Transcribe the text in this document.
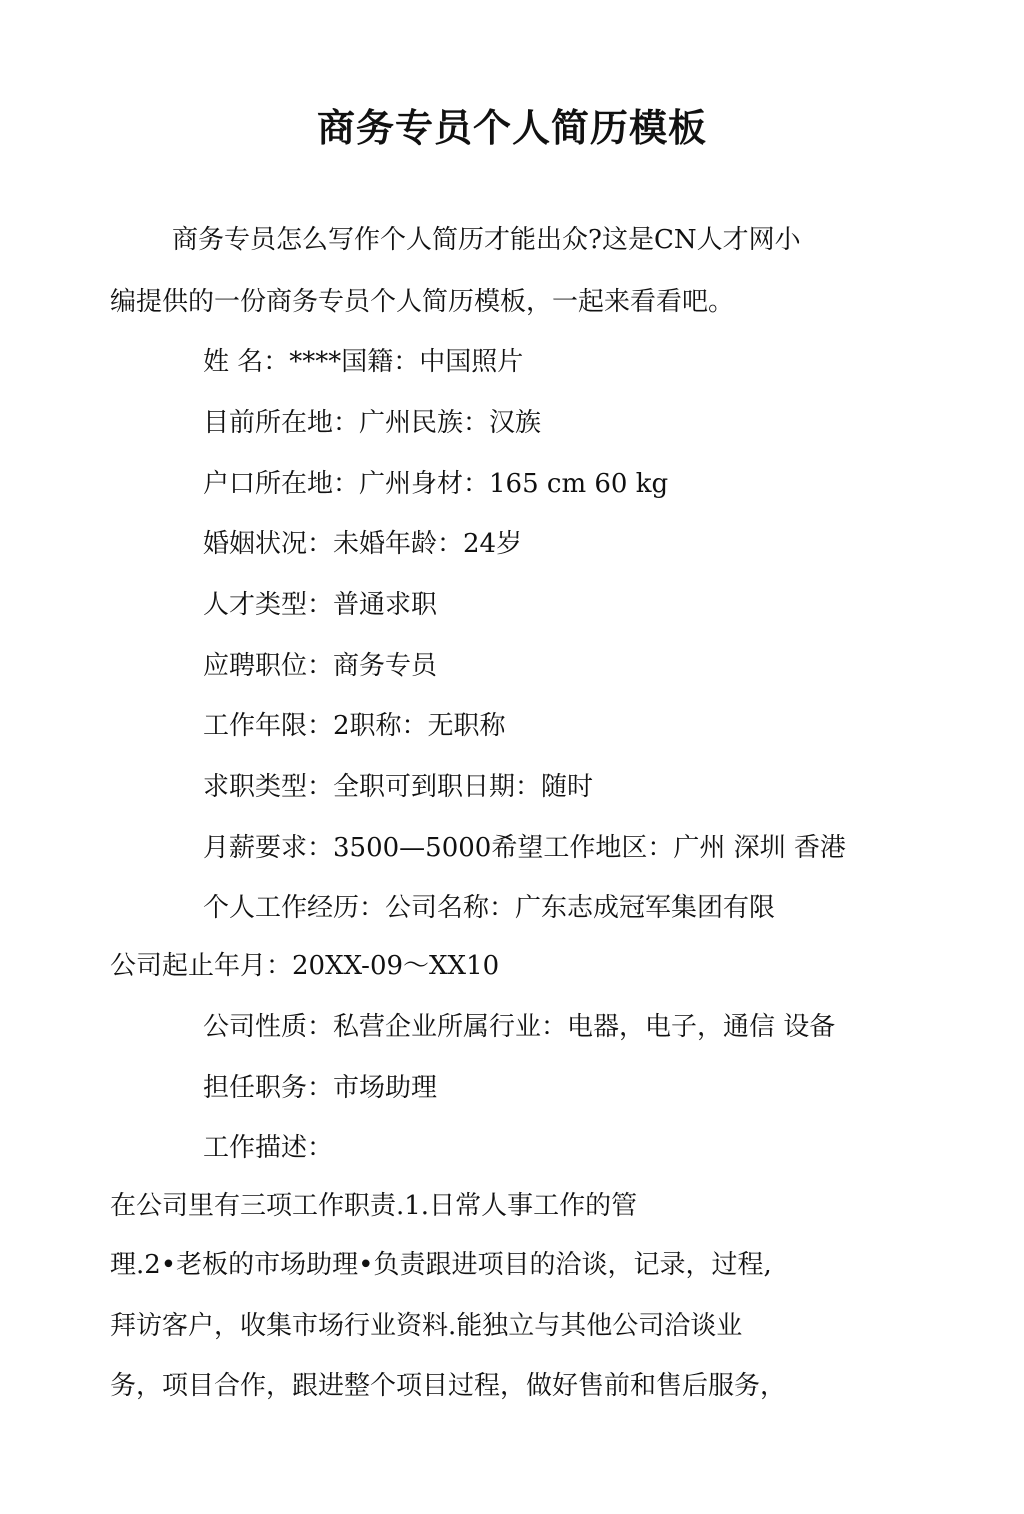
商务专员个人简历模板
商务专员怎么写作个人简历才能出众?这是CN人才网小
编提供的一份商务专员个人简历模板，一起来看看吧。
姓 名：****国籍：中国照片
目前所在地：广州民族：汉族
户口所在地：广州身材：165 cm 60 kg
婚姻状况：未婚年龄：24岁
人才类型：普通求职
应聘职位：商务专员
工作年限：2职称：无职称
求职类型：全职可到职日期：随时
月薪要求：3500—5000希望工作地区：广州 深圳 香港
个人工作经历：公司名称：广东志成冠军集团有限
公司起止年月：20XX-09～XX10
公司性质：私营企业所属行业：电器，电子，通信 设备
担任职务：市场助理
工作描述：
在公司里有三项工作职责.1.日常人事工作的管
理.2•老板的市场助理•负责跟进项目的洽谈，记录，过程,
拜访客户，收集市场行业资料.能独立与其他公司洽谈业
务，项目合作，跟进整个项目过程，做好售前和售后服务，
